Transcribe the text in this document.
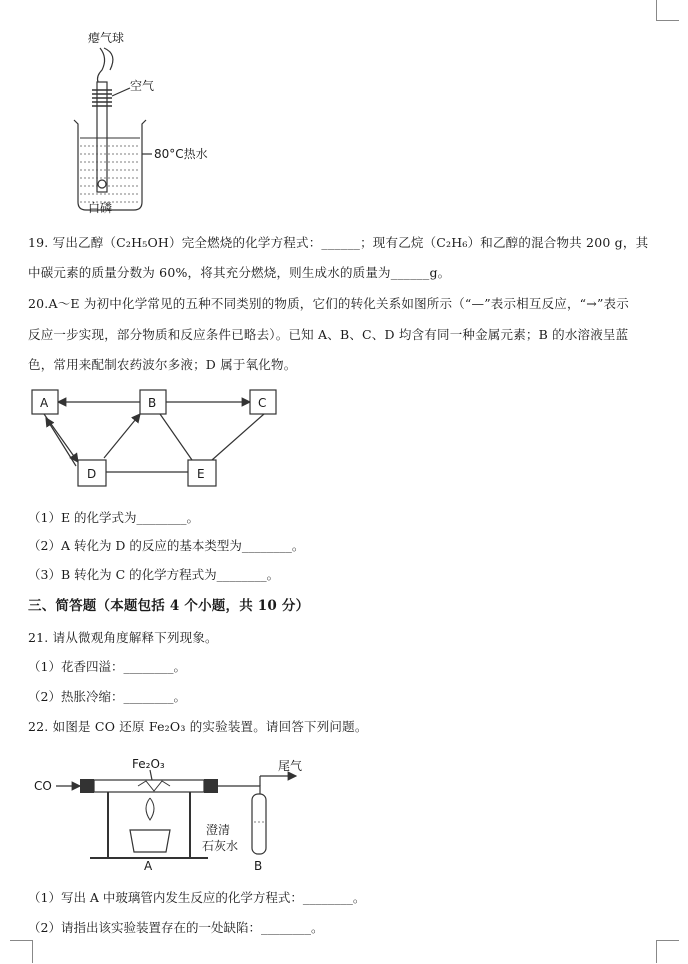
瘪气球
空气
80°C热水
白磷
19. 写出乙醇（C₂H₅OH）完全燃烧的化学方程式：______；现有乙烷（C₂H₆）和乙醇的混合物共 200 g，其
中碳元素的质量分数为 60%，将其充分燃烧，则生成水的质量为______g。
20.A～E 为初中化学常见的五种不同类别的物质，它们的转化关系如图所示（“—”表示相互反应，“→”表示
反应一步实现，部分物质和反应条件已略去）。已知 A、B、C、D 均含有同一种金属元素；B 的水溶液呈蓝
色，常用来配制农药波尔多液；D 属于氧化物。
A	B	C
D	E
（1）E 的化学式为________。
（2）A 转化为 D 的反应的基本类型为________。
（3）B 转化为 C 的化学方程式为________。
三、简答题（本题包括 4 个小题，共 10 分）
21. 请从微观角度解释下列现象。
（1）花香四溢：________。
（2）热胀冷缩：________。
22. 如图是 CO 还原 Fe₂O₃ 的实验装置。请回答下列问题。
CO
Fe₂O₃	尾气
澄清
石灰水
B
A
（1）写出 A 中玻璃管内发生反应的化学方程式：________。
（2）请指出该实验装置存在的一处缺陷：________。
